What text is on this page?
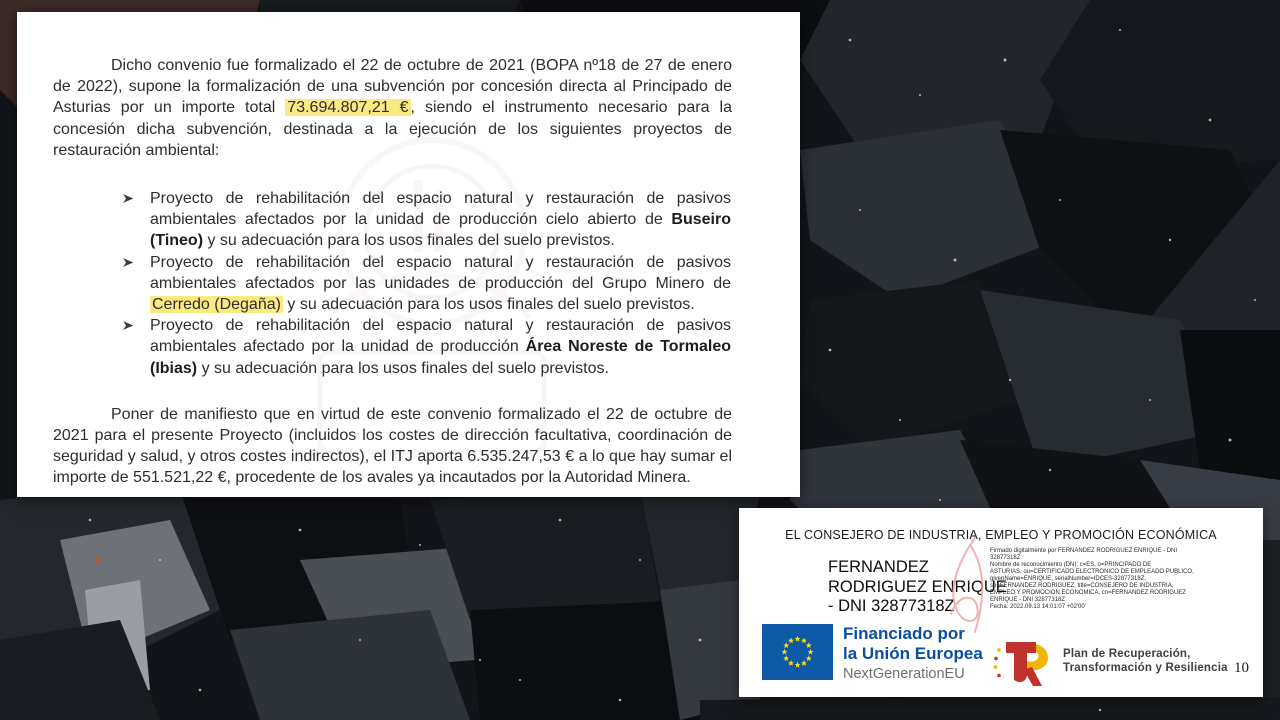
Dicho convenio fue formalizado el 22 de octubre de 2021 (BOPA nº18 de 27 de enero de 2022), supone la formalización de una subvención por concesión directa al Principado de Asturias por un importe total 73.694.807,21 € , siendo el instrumento necesario para la concesión dicha subvención, destinada a la ejecución de los siguientes proyectos de restauración ambiental:

Proyecto de rehabilitación del espacio natural y restauración de pasivos ambientales afectados por la unidad de producción cielo abierto de Buseiro (Tineo) y su adecuación para los usos finales del suelo previstos.
Proyecto de rehabilitación del espacio natural y restauración de pasivos ambientales afectados por las unidades de producción del Grupo Minero de Cerredo (Degaña) y su adecuación para los usos finales del suelo previstos.
Proyecto de rehabilitación del espacio natural y restauración de pasivos ambientales afectado por la unidad de producción Área Noreste de Tormaleo (Ibias) y su adecuación para los usos finales del suelo previstos.

Poner de manifiesto que en virtud de este convenio formalizado el 22 de octubre de 2021 para el presente Proyecto (incluidos los costes de dirección facultativa, coordinación de seguridad y salud, y otros costes indirectos), el ITJ aporta 6.535.247,53 € a lo que hay sumar el importe de 551.521,22 €, procedente de los avales ya incautados por la Autoridad Minera.

EL CONSEJERO DE INDUSTRIA, EMPLEO Y PROMOCIÓN ECONÓMICA
FERNANDEZ
RODRIGUEZ ENRIQUE
- DNI 32877318Z
Firmado digitalmente por FERNANDEZ RODRIGUEZ ENRIQUE - DNI
32877318Z
Nombre de reconocimiento (DN): c=ES, o=PRINCIPADO DE
ASTURIAS, ou=CERTIFICADO ELECTRONICO DE EMPLEADO PUBLICO,
givenName=ENRIQUE, serialNumber=IDCES-32877318Z,
sn=FERNANDEZ RODRIGUEZ, title=CONSEJERO DE INDUSTRIA,
EMPLEO Y PROMOCION ECONOMICA, cn=FERNANDEZ RODRIGUEZ
ENRIQUE - DNI 32877318Z
Fecha: 2022.09.13 14:01:07 +02'00'
Financiado por
la Unión Europea
NextGenerationEU
Plan de Recuperación,
Transformación y Resiliencia 10
